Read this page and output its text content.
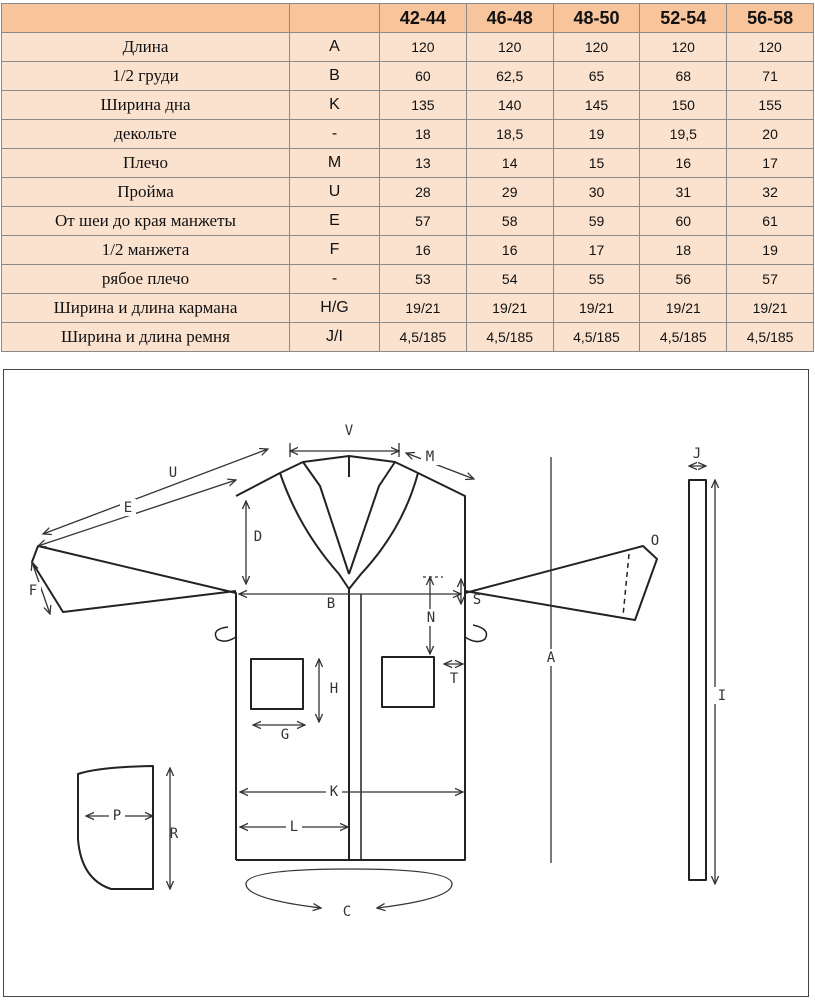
		42-44	46-48	48-50	52-54	56-58
Длина	A	120	120	120	120	120
1/2 груди	B	60	62,5	65	68	71
Ширина дна	K	135	140	145	150	155
декольте	-	18	18,5	19	19,5	20
Плечо	M	13	14	15	16	17
Пройма	U	28	29	30	31	32
От шеи до края манжеты	E	57	58	59	60	61
1/2 манжета	F	16	16	17	18	19
рябое плечо	-	53	54	55	56	57
Ширина и длина кармана	H/G	19/21	19/21	19/21	19/21	19/21
Ширина и длина ремня	J/I	4,5/185	4,5/185	4,5/185	4,5/185	4,5/185
V
U
E
M
D
F
O
B	S
N
A
H
T
G
K
L
P
R
C
J
I
